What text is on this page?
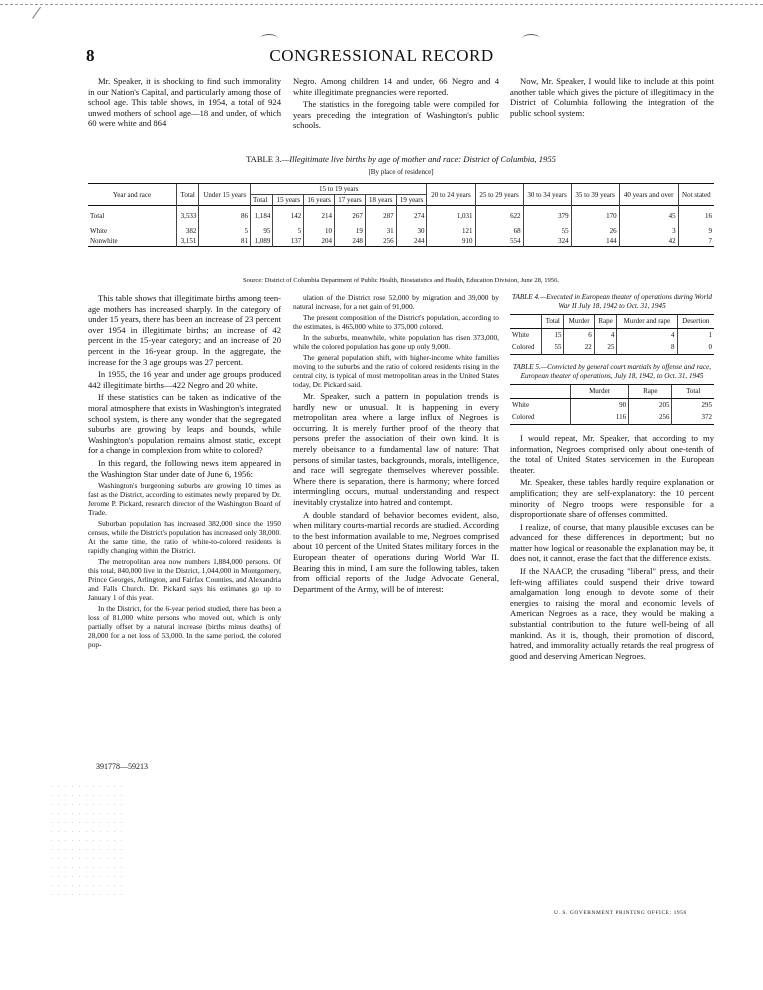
CONGRESSIONAL RECORD
8

Mr. Speaker, it is shocking to find such immorality in our Nation's Capital, and particularly among those of school age. This table shows, in 1954, a total of 924 unwed mothers of school age—18 and under, of which 60 were white and 864

Negro. Among children 14 and under, 66 Negro and 4 white illegitimate pregnancies were reported.

The statistics in the foregoing table were compiled for years preceding the integration of Washington's public schools.

Now, Mr. Speaker, I would like to include at this point another table which gives the picture of illegitimacy in the District of Columbia following the integration of the public school system:

TABLE 3.—Illegitimate live births by age of mother and race: District of Columbia, 1955
[By place of residence]
Year and race	Total	Under 15 years	15 to 19 years						20 to 24 years	25 to 29 years	30 to 34 years	35 to 39 years	40 years and over	Not stated
			Total	15 years	16 years	17 years	18 years	19 years						
Total	3,533	86	1,184	142	214	267	287	274	1,031	622	379	170	45	16
White	382	5	95	5	10	19	31	30	121	68	55	26	3	9
Nonwhite	3,151	81	1,089	137	204	248	256	244	910	554	324	144	42	7
Source: District of Columbia Department of Public Health, Biostatistics and Health, Education Division, June 28, 1956.

This table shows that illegitimate births among teen-age mothers has increased sharply. In the category of under 15 years, there has been an increase of 23 percent over 1954 in illegitimate births; an increase of 42 percent in the 15-year category; and an increase of 20 percent in the 16-year group. In the aggregate, the increase for the 3 age groups was 27 percent.

In 1955, the 16 year and under age groups produced 442 illegitimate births—422 Negro and 20 white.

If these statistics can be taken as indicative of the moral atmosphere that exists in Washington's integrated school system, is there any wonder that the segregated suburbs are growing by leaps and bounds, while Washington's population remains almost static, except for a change in complexion from white to colored?

In this regard, the following news item appeared in the Washington Star under date of June 6, 1956:

Washington's burgeoning suburbs are growing 10 times as fast as the District, according to estimates newly prepared by Dr. Jerome P. Pickard, research director of the Washington Board of Trade.

Suburban population has increased 382,000 since the 1950 census, while the District's population has increased only 38,000. At the same time, the ratio of white-to-colored residents is rapidly changing within the District.

The metropolitan area now numbers 1,884,000 persons. Of this total, 840,000 live in the District, 1,044,000 in Montgomery, Prince Georges, Arlington, and Fairfax Counties, and Alexandria and Falls Church. Dr. Pickard says his estimates go up to January 1 of this year.

In the District, for the 6-year period studied, there has been a loss of 81,000 white persons who moved out, which is only partially offset by a natural increase (births minus deaths) of 28,000 for a net loss of 53,000. In the same period, the colored pop-

391778—59213

ulation of the District rose 52,000 by migration and 39,000 by natural increase, for a net gain of 91,000.

The present composition of the District's population, according to the estimates, is 465,000 white to 375,000 colored.

In the suburbs, meanwhile, white population has risen 373,000, while the colored population has gone up only 9,000.

The general population shift, with higher-income white families moving to the suburbs and the ratio of colored residents rising in the central city, is typical of most metropolitan areas in the United States today, Dr. Pickard said.

Mr. Speaker, such a pattern in population trends is hardly new or unusual. It is happening in every metropolitan area where a large influx of Negroes is occurring. It is merely further proof of the theory that persons prefer the association of their own kind. It is merely obeisance to a fundamental law of nature: That persons of similar tastes, backgrounds, morals, intelligence, and race will segregate themselves wherever possible. Where there is separation, there is harmony; where forced intermingling occurs, mutual understanding and respect inevitably crystalize into hatred and contempt.

A double standard of behavior becomes evident, also, when military courts-martial records are studied. According to the best information available to me, Negroes comprised about 10 percent of the United States military forces in the European theater of operations during World War II. Bearing this in mind, I am sure the following tables, taken from official reports of the Judge Advocate General, Department of the Army, will be of interest:

TABLE 4.—Executed in European theater of operations during World War II July 18, 1942 to Oct. 31, 1945
	Total	Murder	Rape	Murder and rape	Desertion
White	15	6	4	4	1
Colored	55	22	25	8	0
TABLE 5.—Convicted by general court martials by offense and race, European theater of operations, July 18, 1942, to Oct. 31, 1945
	Murder	Rape	Total
White	90	205	295
Colored	116	256	372

I would repeat, Mr. Speaker, that according to my information, Negroes comprised only about one-tenth of the total of United States servicemen in the European theater.

Mr. Speaker, these tables hardly require explanation or amplification; they are self-explanatory: the 10 percent minority of Negro troops were responsible for a disproportionate share of offenses committed.

I realize, of course, that many plausible excuses can be advanced for these differences in deportment; but no matter how logical or reasonable the explanation may be, it does not, it cannot, erase the fact that the difference exists.

If the NAACP, the crusading "liberal" press, and their left-wing affiliates could suspend their drive toward amalgamation long enough to devote some of their energies to raising the moral and economic levels of American Negroes as a race, they would be making a substantial contribution to the future well-being of all mankind. As it is, though, their promotion of discord, hatred, and immorality actually retards the real progress of good and deserving American Negroes.

U. S. GOVERNMENT PRINTING OFFICE: 1956
